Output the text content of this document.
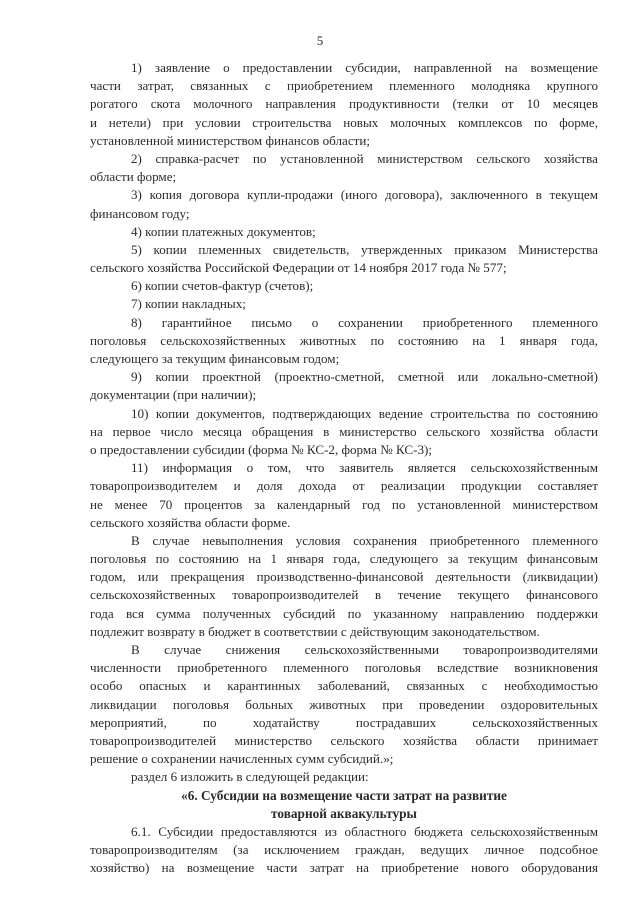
5
1) заявление о предоставлении субсидии, направленной на возмещение
части затрат, связанных с приобретением племенного молодняка крупного
рогатого скота молочного направления продуктивности (телки от 10 месяцев
и нетели) при условии строительства новых молочных комплексов по форме,
установленной министерством финансов области;
2) справка-расчет по установленной министерством сельского хозяйства
области форме;
3) копия договора купли-продажи (иного договора), заключенного в текущем
финансовом году;
4) копии платежных документов;
5) копии племенных свидетельств, утвержденных приказом Министерства
сельского хозяйства Российской Федерации от 14 ноября 2017 года № 577;
6) копии счетов-фактур (счетов);
7) копии накладных;
8) гарантийное письмо о сохранении приобретенного племенного
поголовья сельскохозяйственных животных по состоянию на 1 января года,
следующего за текущим финансовым годом;
9) копии проектной (проектно-сметной, сметной или локально-сметной)
документации (при наличии);
10) копии документов, подтверждающих ведение строительства по состоянию
на первое число месяца обращения в министерство сельского хозяйства области
о предоставлении субсидии (форма № КС-2, форма № КС-3);
11) информация о том, что заявитель является сельскохозяйственным
товаропроизводителем и доля дохода от реализации продукции составляет
не менее 70 процентов за календарный год по установленной министерством
сельского хозяйства области форме.
В случае невыполнения условия сохранения приобретенного племенного
поголовья по состоянию на 1 января года, следующего за текущим финансовым
годом, или прекращения производственно-финансовой деятельности (ликвидации)
сельскохозяйственных товаропроизводителей в течение текущего финансового
года вся сумма полученных субсидий по указанному направлению поддержки
подлежит возврату в бюджет в соответствии с действующим законодательством.
В случае снижения сельскохозяйственными товаропроизводителями
численности приобретенного племенного поголовья вследствие возникновения
особо опасных и карантинных заболеваний, связанных с необходимостью
ликвидации поголовья больных животных при проведении оздоровительных
мероприятий, по ходатайству пострадавших сельскохозяйственных
товаропроизводителей министерство сельского хозяйства области принимает
решение о сохранении начисленных сумм субсидий.»;
раздел 6 изложить в следующей редакции:
«6. Субсидии на возмещение части затрат на развитие
товарной аквакультуры
6.1. Субсидии предоставляются из областного бюджета сельскохозяйственным
товаропроизводителям (за исключением граждан, ведущих личное подсобное
хозяйство) на возмещение части затрат на приобретение нового оборудования
